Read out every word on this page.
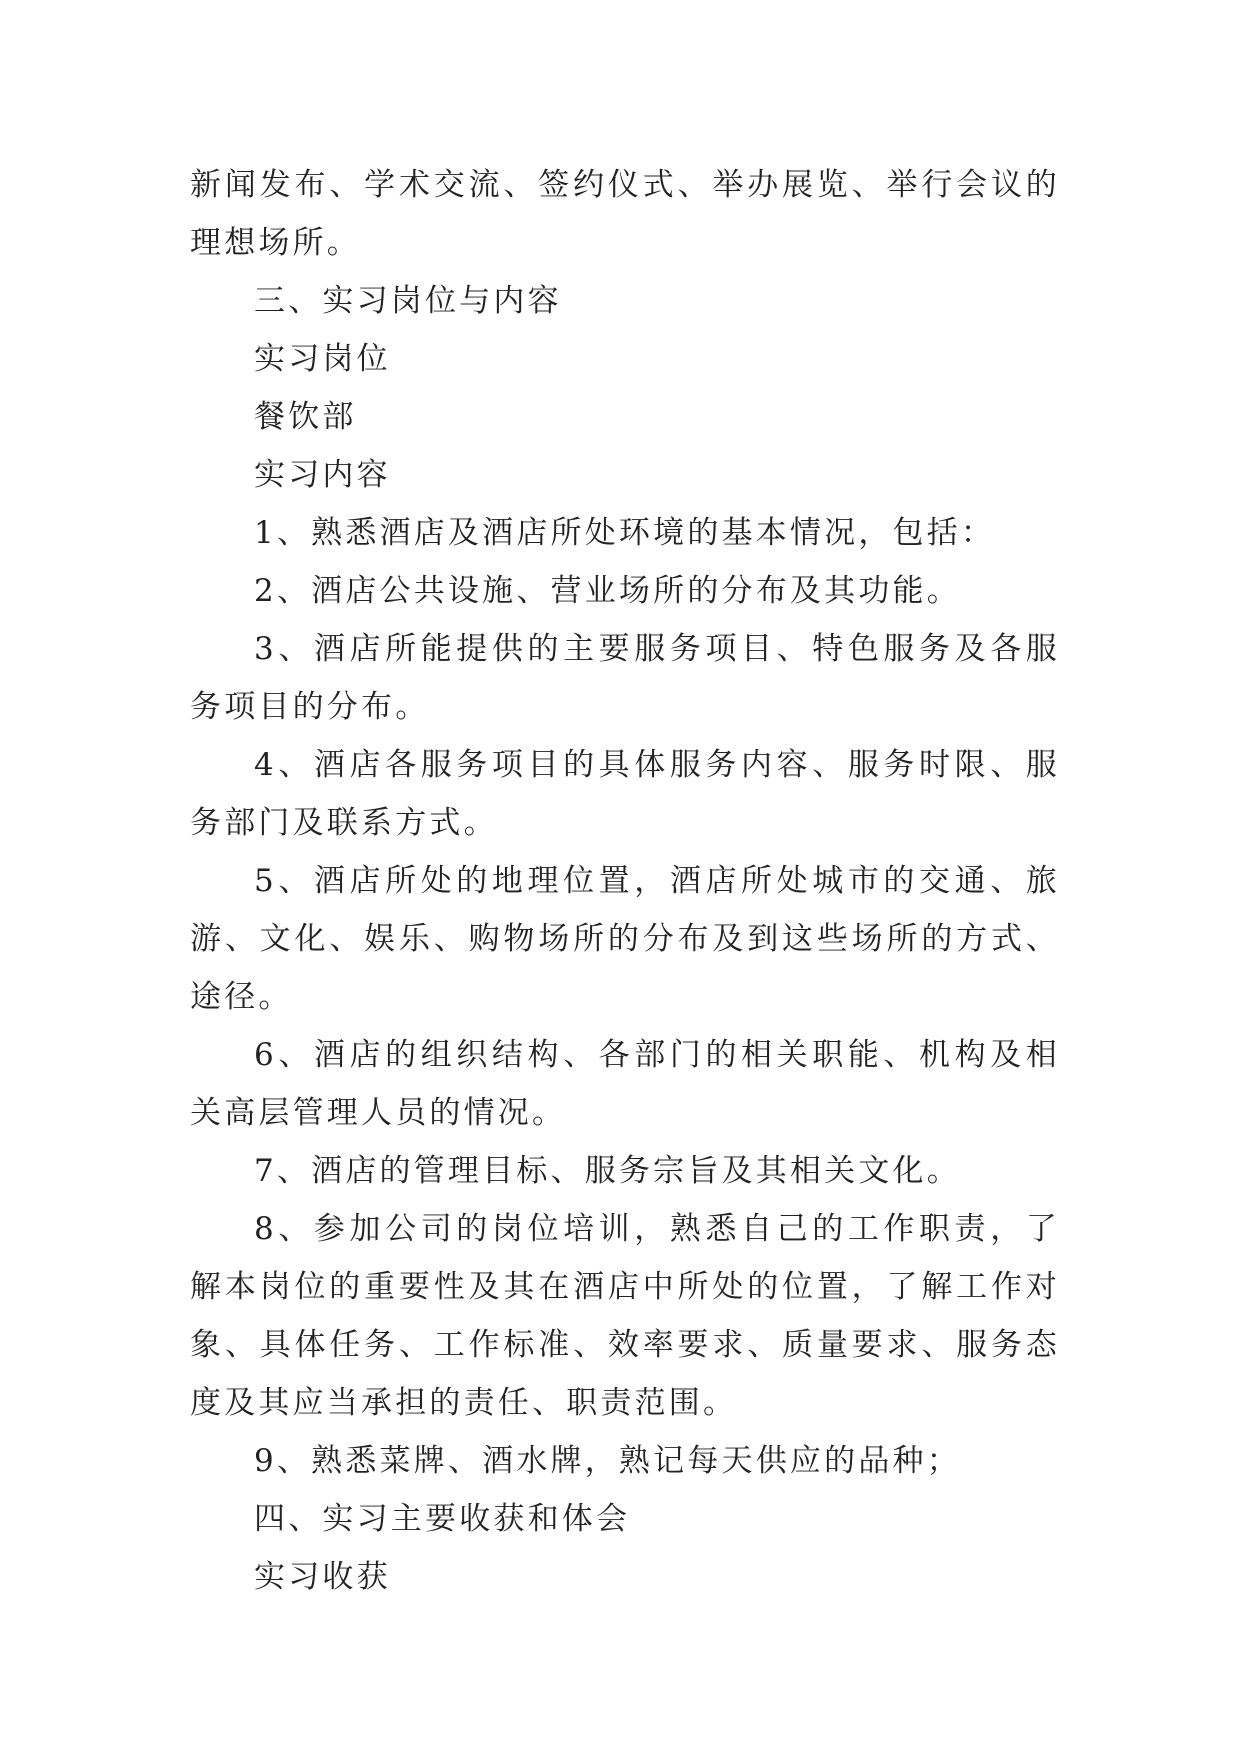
新闻发布、学术交流、签约仪式、举办展览、举行会议的理想场所。

三、实习岗位与内容

实习岗位

餐饮部

实习内容

1、熟悉酒店及酒店所处环境的基本情况，包括：

2、酒店公共设施、营业场所的分布及其功能。

3、酒店所能提供的主要服务项目、特色服务及各服务项目的分布。

4、酒店各服务项目的具体服务内容、服务时限、服务部门及联系方式。

5、酒店所处的地理位置，酒店所处城市的交通、旅游、文化、娱乐、购物场所的分布及到这些场所的方式、途径。

6、酒店的组织结构、各部门的相关职能、机构及相关高层管理人员的情况。

7、酒店的管理目标、服务宗旨及其相关文化。

8、参加公司的岗位培训，熟悉自己的工作职责，了解本岗位的重要性及其在酒店中所处的位置，了解工作对象、具体任务、工作标准、效率要求、质量要求、服务态度及其应当承担的责任、职责范围。

9、熟悉菜牌、酒水牌，熟记每天供应的品种；

四、实习主要收获和体会

实习收获
